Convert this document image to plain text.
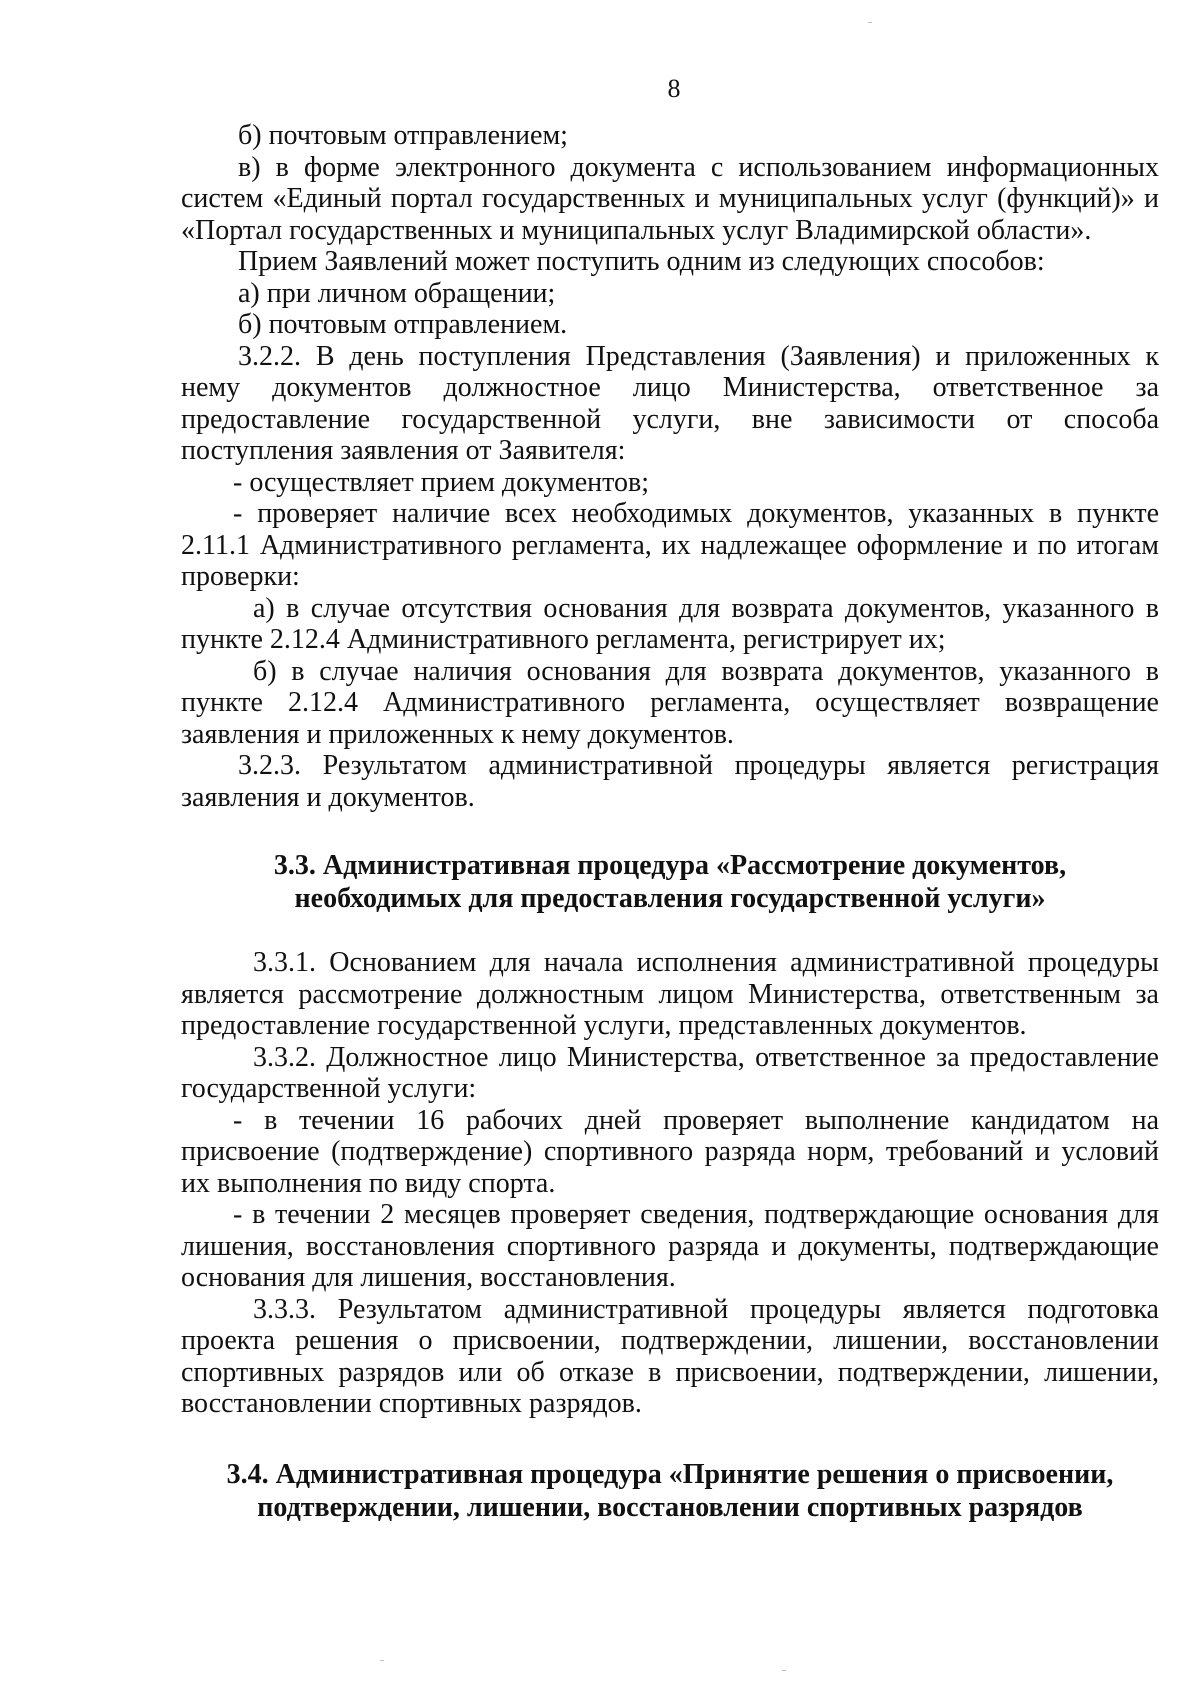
8

б) почтовым отправлением;

в) в форме электронного документа с использованием информационных систем «Единый портал государственных и муниципальных услуг (функций)» и «Портал государственных и муниципальных услуг Владимирской области».

Прием Заявлений может поступить одним из следующих способов:

а) при личном обращении;

б) почтовым отправлением.

3.2.2. В день поступления Представления (Заявления) и приложенных к нему документов должностное лицо Министерства, ответственное за предоставление государственной услуги, вне зависимости от способа поступления заявления от Заявителя:

- осуществляет прием документов;

- проверяет наличие всех необходимых документов, указанных в пункте 2.11.1 Административного регламента, их надлежащее оформление и по итогам проверки:

а) в случае отсутствия основания для возврата документов, указанного в пункте 2.12.4 Административного регламента, регистрирует их;

б) в случае наличия основания для возврата документов, указанного в пункте 2.12.4 Административного регламента, осуществляет возвращение заявления и приложенных к нему документов.

3.2.3. Результатом административной процедуры является регистрация заявления и документов.

3.3. Административная процедура «Рассмотрение документов,
необходимых для предоставления государственной услуги»

3.3.1. Основанием для начала исполнения административной процедуры является рассмотрение должностным лицом Министерства, ответственным за предоставление государственной услуги, представленных документов.

3.3.2. Должностное лицо Министерства, ответственное за предоставление государственной услуги:

- в течении 16 рабочих дней проверяет выполнение кандидатом на присвоение (подтверждение) спортивного разряда норм, требований и условий их выполнения по виду спорта.

- в течении 2 месяцев проверяет сведения, подтверждающие основания для лишения, восстановления спортивного разряда и документы, подтверждающие основания для лишения, восстановления.

3.3.3. Результатом административной процедуры является подготовка проекта решения о присвоении, подтверждении, лишении, восстановлении спортивных разрядов или об отказе в присвоении, подтверждении, лишении, восстановлении спортивных разрядов.

3.4. Административная процедура «Принятие решения о присвоении,
подтверждении, лишении, восстановлении спортивных разрядов
